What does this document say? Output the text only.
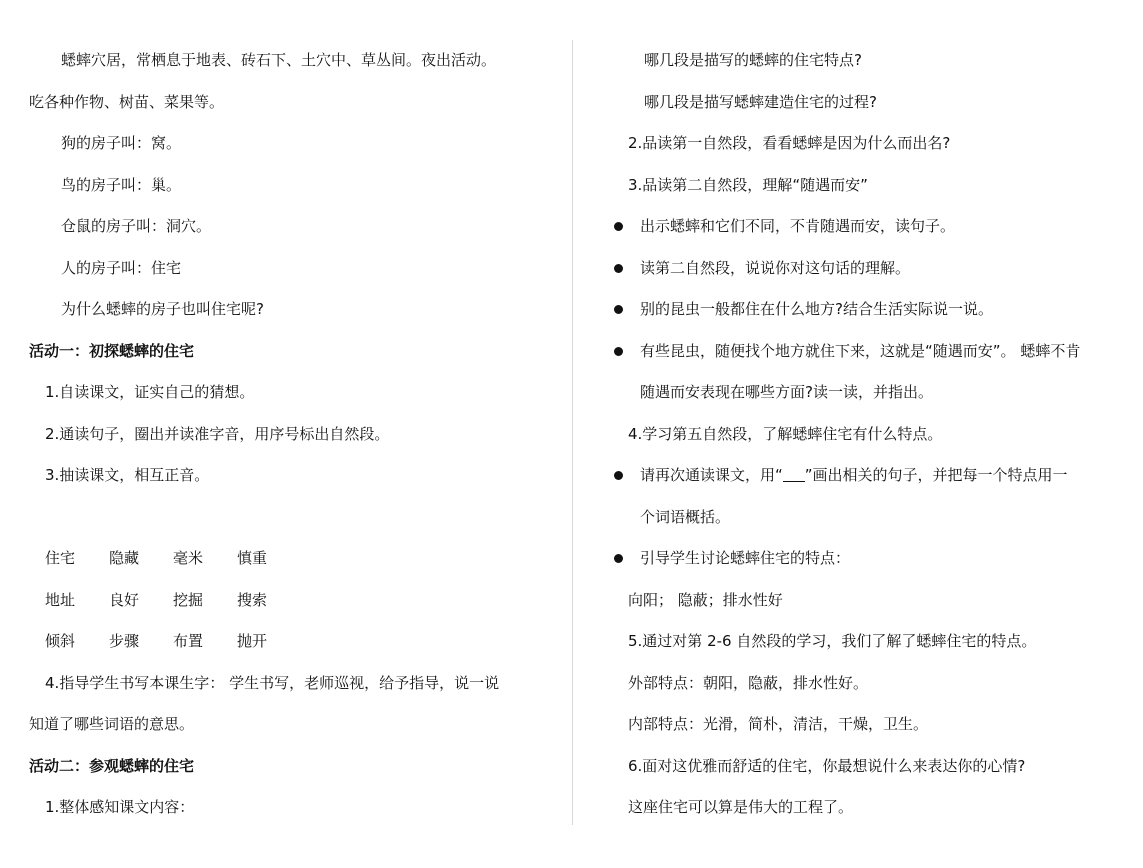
蟋蟀穴居，常栖息于地表、砖石下、土穴中、草丛间。夜出活动。
吃各种作物、树苗、菜果等。
狗的房子叫：窝。
鸟的房子叫：巢。
仓鼠的房子叫：洞穴。
人的房子叫：住宅
为什么蟋蟀的房子也叫住宅呢?
活动一：初探蟋蟀的住宅
1.自读课文，证实自己的猜想。
2.通读句子，圈出并读准字音，用序号标出自然段。
3.抽读课文，相互正音。
住宅 隐藏 毫米 慎重
地址 良好 挖掘 搜索
倾斜 步骤 布置 抛开
4.指导学生书写本课生字： 学生书写，老师巡视，给予指导，说一说
知道了哪些词语的意思。
活动二：参观蟋蟀的住宅
1.整体感知课文内容：
哪几段是描写的蟋蟀的住宅特点?
哪几段是描写蟋蟀建造住宅的过程?
2.品读第一自然段，看看蟋蟀是因为什么而出名?
3.品读第二自然段，理解“随遇而安”
出示蟋蟀和它们不同，不肯随遇而安，读句子。
读第二自然段，说说你对这句话的理解。
别的昆虫一般都住在什么地方?结合生活实际说一说。
有些昆虫，随便找个地方就住下来，这就是“随遇而安”。 蟋蟀不肯
随遇而安表现在哪些方面?读一读，并指出。
4.学习第五自然段，了解蟋蟀住宅有什么特点。
请再次通读课文，用“ ”画出相关的句子，并把每一个特点用一
个词语概括。
引导学生讨论蟋蟀住宅的特点：
向阳； 隐蔽；排水性好
5.通过对第 2-6 自然段的学习，我们了解了蟋蟀住宅的特点。
外部特点：朝阳，隐蔽，排水性好。
内部特点：光滑，简朴，清洁，干燥，卫生。
6.面对这优雅而舒适的住宅，你最想说什么来表达你的心情?
这座住宅可以算是伟大的工程了。
